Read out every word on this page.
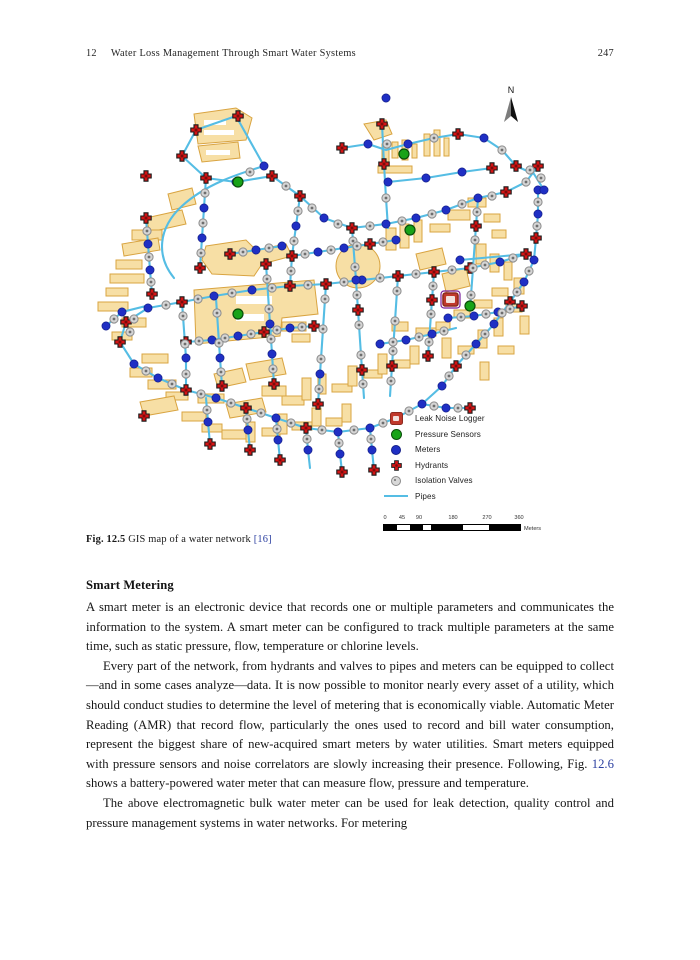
12 Water Loss Management Through Smart Water Systems	247
N
Leak Noise Logger
Pressure Sensors
Meters
Hydrants
Isolation Valves
Pipes
0 45 90	180	270	360
Meters
Fig. 12.5 GIS map of a water network [16]
Smart Metering

A smart meter is an electronic device that records one or multiple parameters and communicates the information to the system. A smart meter can be configured to track multiple parameters at the same time, such as static pressure, flow, temperature or chlorine levels.

Every part of the network, from hydrants and valves to pipes and meters can be equipped to collect—and in some cases analyze—data. It is now possible to monitor nearly every asset of a utility, which should conduct studies to determine the level of metering that is economically viable. Automatic Meter Reading (AMR) that record flow, particularly the ones used to record and bill water consumption, represent the biggest share of new-acquired smart meters by water utilities. Smart meters equipped with pressure sensors and noise correlators are slowly increasing their presence. Following, Fig. 12.6 shows a battery-powered water meter that can measure flow, pressure and temperature.

The above electromagnetic bulk water meter can be used for leak detection, quality control and pressure management systems in water networks. For metering
